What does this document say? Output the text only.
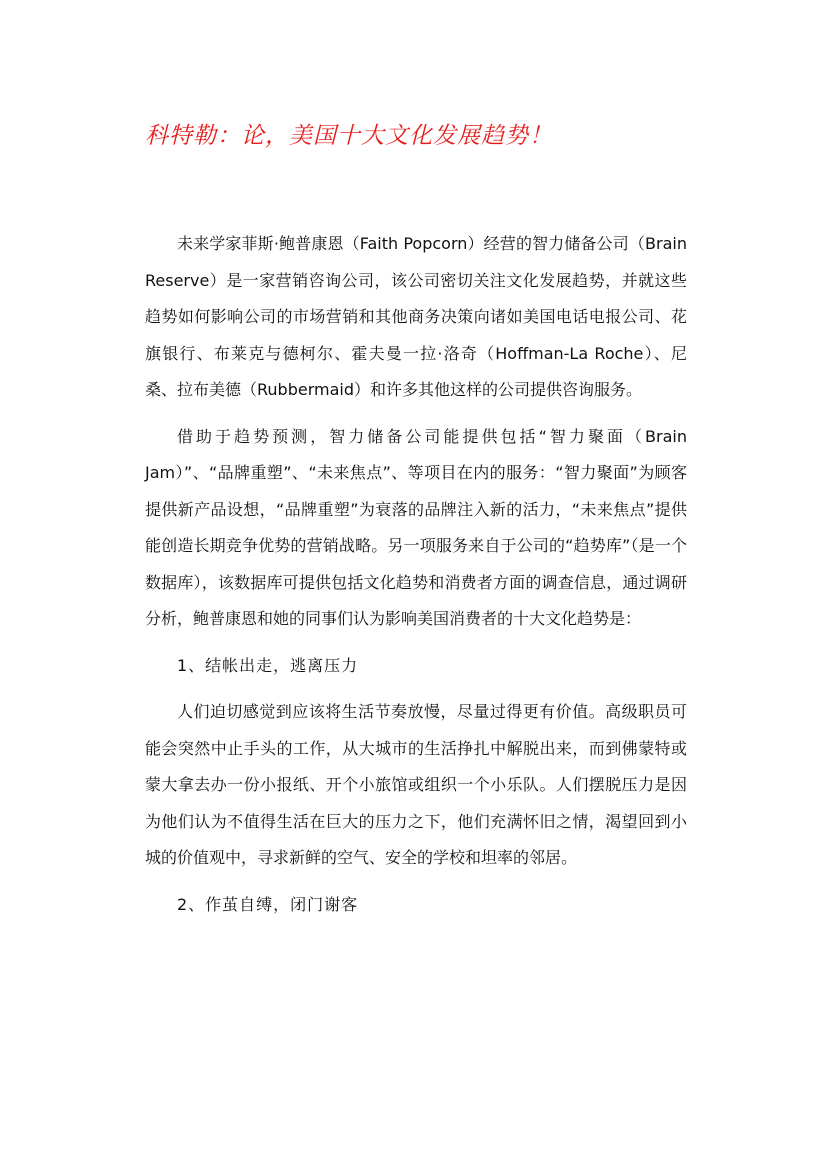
科特勒：论，美国十大文化发展趋势！

未来学家菲斯·鲍普康恩（Faith Popcorn）经营的智力储备公司（Brain Reserve）是一家营销咨询公司，该公司密切关注文化发展趋势，并就这些趋势如何影响公司的市场营销和其他商务决策向诸如美国电话电报公司、花旗银行、布莱克与德柯尔、霍夫曼一拉·洛奇（Hoffman-La Roche）、尼桑、拉布美德（Rubbermaid）和许多其他这样的公司提供咨询服务。

借助于趋势预测，智力储备公司能提供包括“智力聚面（Brain Jam）”、“品牌重塑”、“未来焦点”、等项目在内的服务：“智力聚面”为顾客提供新产品设想，“品牌重塑”为衰落的品牌注入新的活力，“未来焦点”提供能创造长期竞争优势的营销战略。另一项服务来自于公司的“趋势库”（是一个数据库），该数据库可提供包括文化趋势和消费者方面的调查信息，通过调研分析，鲍普康恩和她的同事们认为影响美国消费者的十大文化趋势是：

1、结帐出走，逃离压力

人们迫切感觉到应该将生活节奏放慢，尽量过得更有价值。高级职员可能会突然中止手头的工作，从大城市的生活挣扎中解脱出来，而到佛蒙特或蒙大拿去办一份小报纸、开个小旅馆或组织一个小乐队。人们摆脱压力是因为他们认为不值得生活在巨大的压力之下，他们充满怀旧之情，渴望回到小城的价值观中，寻求新鲜的空气、安全的学校和坦率的邻居。

2、作茧自缚，闭门谢客
